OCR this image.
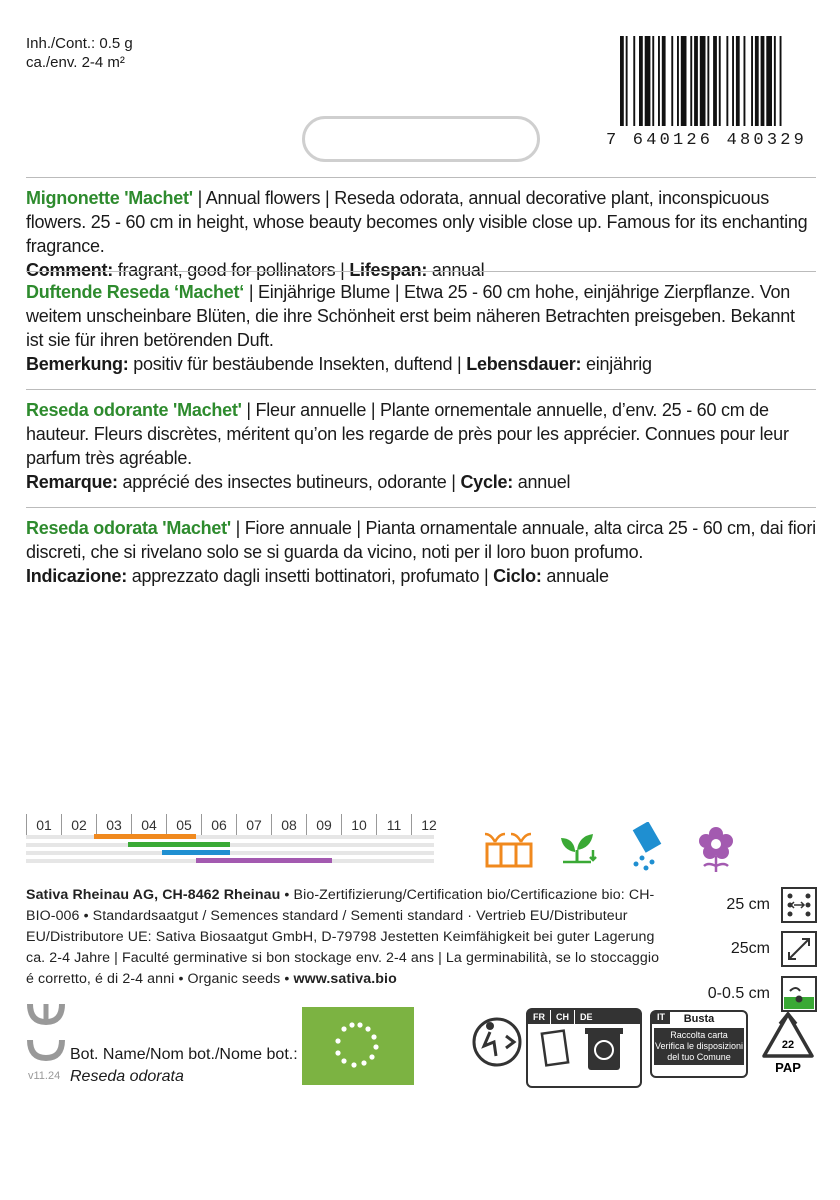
Inh./Cont.: 0.5 g
ca./env. 2-4 m²
7 640126 480329
Mignonette 'Machet' | Annual flowers | Reseda odorata, annual decorative plant, inconspicuous flowers. 25 - 60 cm in height, whose beauty becomes only visible close up. Famous for its enchanting fragrance.
Comment: fragrant, good for pollinators | Lifespan: annual
Duftende Reseda ‘Machet‘ | Einjährige Blume | Etwa 25 - 60 cm hohe, einjährige Zierpflanze. Von weitem unscheinbare Blüten, die ihre Schönheit erst beim näheren Betrachten preisgeben. Bekannt ist sie für ihren betörenden Duft.
Bemerkung: positiv für bestäubende Insekten, duftend | Lebensdauer: einjährig
Reseda odorante 'Machet' | Fleur annuelle | Plante ornementale annuelle, d’env. 25 - 60 cm de hauteur. Fleurs discrètes, méritent qu’on les regarde de près pour les apprécier. Connues pour leur parfum très agréable.
Remarque: apprécié des insectes butineurs, odorante | Cycle: annuel
Reseda odorata 'Machet' | Fiore annuale | Pianta ornamentale annuale, alta circa 25 - 60 cm, dai fiori discreti, che si rivelano solo se si guarda da vicino, noti per il loro buon profumo.
Indicazione: apprezzato dagli insetti bottinatori, profumato | Ciclo: annuale
01	02	03	04	05	06	07	08	09	10	11	12
Sativa Rheinau AG, CH-8462 Rheinau • Bio-Zertifizierung/Certification bio/Certificazione bio: CH-BIO-006 • Standardsaatgut / Semences standard / Sementi standard · Vertrieb EU/Distributeur EU/Distributore UE: Sativa Biosaatgut GmbH, D-79798 Jestetten Keimfähigkeit bei guter Lagerung ca. 2-4 Jahre | Faculté germinative si bon stockage env. 2-4 ans | La germinabilità, se lo stoccaggio é corretto, é di 2-4 anni • Organic seeds • www.sativa.bio
25 cm
25cm
0-0.5 cm
Bot. Name/Nom bot./Nome bot.:
Reseda odorata
v11.24
FR	CH	DE	IT	Busta
Raccolta carta
Verifica le disposizioni
del tuo Comune
22
PAP
